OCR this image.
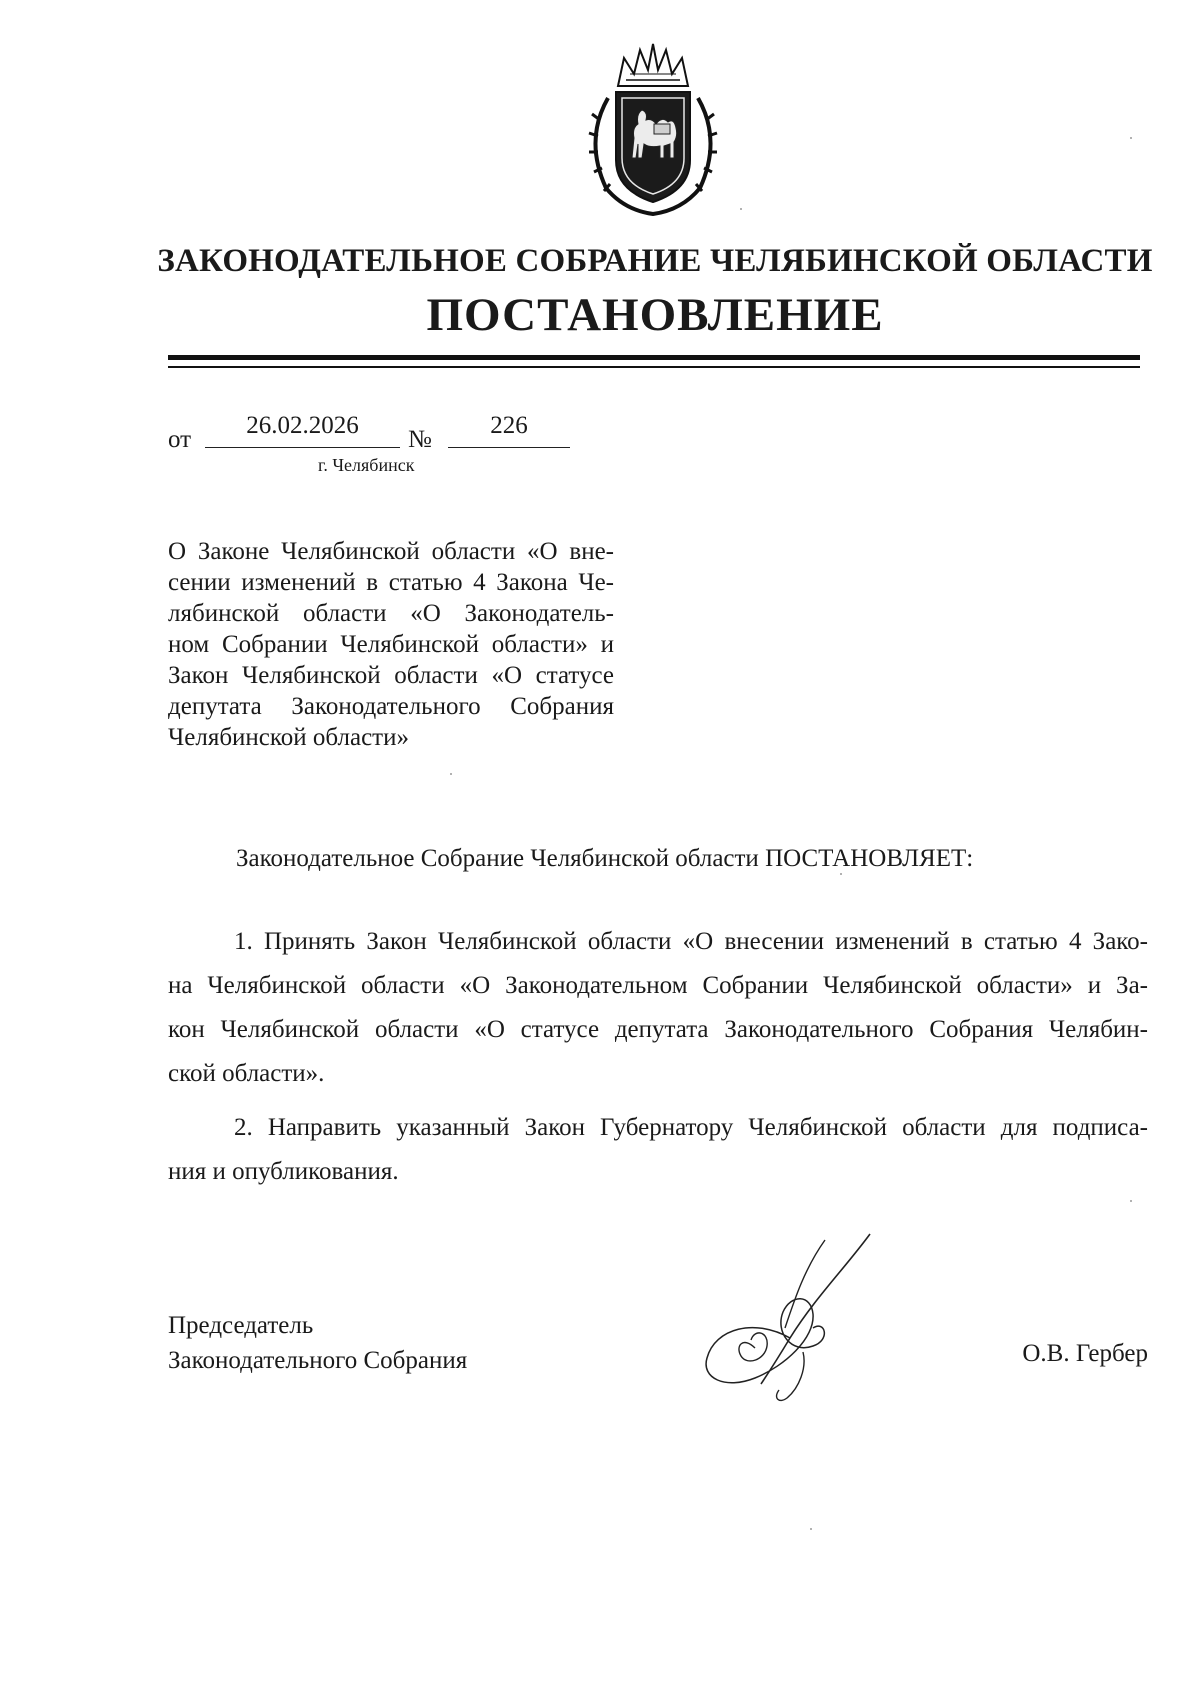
ЗАКОНОДАТЕЛЬНОЕ СОБРАНИЕ ЧЕЛЯБИНСКОЙ ОБЛАСТИ
ПОСТАНОВЛЕНИЕ
от
26.02.2026
№
226
г. Челябинск
О Законе Челябинской области «О вне-
сении изменений в статью 4 Закона Че-
лябинской области «О Законодатель-
ном Собрании Челябинской области» и
Закон Челябинской области «О статусе
депутата Законодательного Собрания
Челябинской области»
Законодательное Собрание Челябинской области ПОСТАНОВЛЯЕТ:
1. Принять Закон Челябинской области «О внесении изменений в статью 4 Зако-
на Челябинской области «О Законодательном Собрании Челябинской области» и За-
кон Челябинской области «О статусе депутата Законодательного Собрания Челябин-
ской области».
2. Направить указанный Закон Губернатору Челябинской области для подписа-
ния и опубликования.
Председатель
Законодательного Собрания	О.В. Гербер
